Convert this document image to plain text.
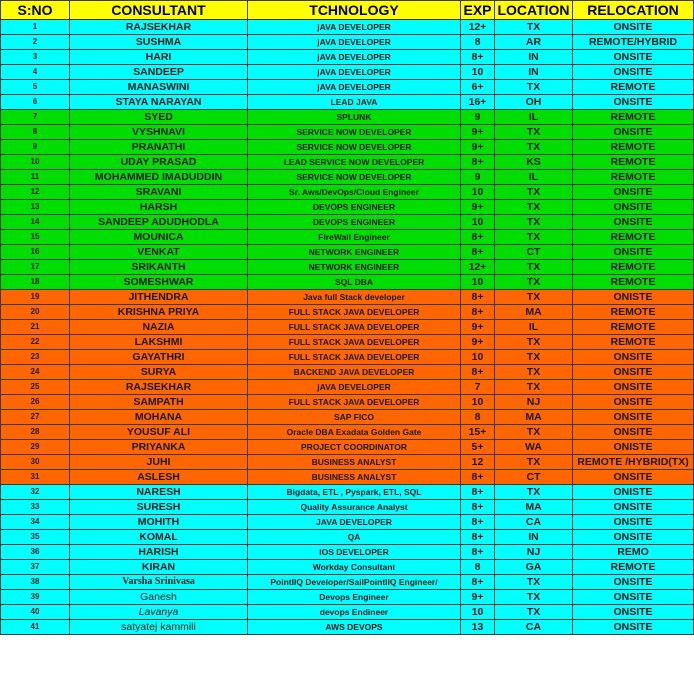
S:NO	CONSULTANT	TCHNOLOGY	EXP	LOCATION	RELOCATION
1	RAJSEKHAR	jAVA DEVELOPER	12+	TX	ONSITE
2	SUSHMA	jAVA DEVELOPER	8	AR	REMOTE/HYBRID
3	HARI	jAVA DEVELOPER	8+	IN	ONSITE
4	SANDEEP	jAVA DEVELOPER	10	IN	ONSITE
5	MANASWINI	jAVA DEVELOPER	6+	TX	REMOTE
6	STAYA NARAYAN	LEAD JAVA	16+	OH	ONSITE
7	SYED	SPLUNK	9	IL	REMOTE
8	VYSHNAVI	SERVICE NOW DEVELOPER	9+	TX	ONSITE
9	PRANATHI	SERVICE NOW DEVELOPER	9+	TX	REMOTE
10	UDAY PRASAD	LEAD SERVICE NOW DEVELOPER	8+	KS	REMOTE
11	MOHAMMED IMADUDDIN	SERVICE NOW DEVELOPER	9	IL	REMOTE
12	SRAVANI	Sr. Aws/DevOps/Cloud Engineer	10	TX	ONSITE
13	HARSH	DEVOPS ENGINEER	9+	TX	ONSITE
14	SANDEEP ADUDHODLA	DEVOPS ENGINEER	10	TX	ONSITE
15	MOUNICA	FireWall Engineer	8+	TX	REMOTE
16	VENKAT	NETWORK ENGINEER	8+	CT	ONSITE
17	SRIKANTH	NETWORK ENGINEER	12+	TX	REMOTE
18	SOMESHWAR	SQL DBA	10	TX	REMOTE
19	JITHENDRA	Java full Stack developer	8+	TX	ONISTE
20	KRISHNA PRIYA	FULL STACK JAVA DEVELOPER	8+	MA	REMOTE
21	NAZIA	FULL STACK JAVA DEVELOPER	9+	IL	REMOTE
22	LAKSHMI	FULL STACK JAVA DEVELOPER	9+	TX	REMOTE
23	GAYATHRI	FULL STACK JAVA DEVELOPER	10	TX	ONSITE
24	SURYA	BACKEND JAVA DEVELOPER	8+	TX	ONSITE
25	RAJSEKHAR	jAVA DEVELOPER	7	TX	ONSITE
26	SAMPATH	FULL STACK JAVA DEVELOPER	10	NJ	ONSITE
27	MOHANA	SAP FICO	8	MA	ONSITE
28	YOUSUF ALI	Oracle DBA Exadata Golden Gate	15+	TX	ONSITE
29	PRIYANKA	PROJECT COORDINATOR	5+	WA	ONISTE
30	JUHI	BUSINESS ANALYST	12	TX	REMOTE /HYBRID(TX)
31	ASLESH	BUSINESS ANALYST	8+	CT	ONSITE
32	NARESH	Bigdata, ETL , Pyspark, ETL, SQL	8+	TX	ONISTE
33	SURESH	Quality Assurance Analyst	8+	MA	ONSITE
34	MOHITH	JAVA DEVELOPER	8+	CA	ONSITE
35	KOMAL	QA	8+	IN	ONSITE
36	HARISH	IOS DEVELOPER	8+	NJ	REMO
37	KIRAN	Workday Consultant	8	GA	REMOTE
38	Varsha Srinivasa	PointIIQ Developer/SailPointIIQ Engineer/	8+	TX	ONSITE
39	Ganesh	Devops Engineer	9+	TX	ONSITE
40	Lavanya	devops Endineer	10	TX	ONSITE
41	satyatej kammili	AWS DEVOPS	13	CA	ONSITE
